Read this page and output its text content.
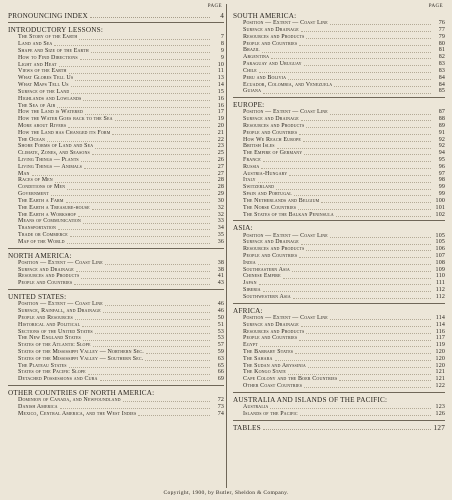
PAGE
PRONOUNCING INDEX	4
INTRODUCTORY LESSONS:
The Story of the Earth	7
Land and Sea	8
Shape and Size of the Earth	9
How to Find Directions	9
Light and Heat	10
Views of the Earth	11
What Globes Tell Us	13
What Maps Tell Us	14
Surface of the Land	15
Highlands and Lowlands	16
The Sea of Air	16
How the Land is Watered	17
How the Water Goes back to the Sea	19
More about Rivers	20
How the Land has Changed its Form	21
The Ocean	22
Shore Forms of Land and Sea	23
Climate, Zones, and Seasons	25
Living Things — Plants	26
Living Things — Animals	27
Man	27
Races of Men	28
Conditions of Men	28
Government	29
The Earth a Farm	30
The Earth a Treasure-house	32
The Earth a Workshop	32
Means of Communication	33
Transportation	34
Trade or Commerce	35
Map of the World	36
NORTH AMERICA:
Position — Extent — Coast Line	38
Surface and Drainage	38
Resources and Products	41
People and Countries	43
UNITED STATES:
Position — Extent — Coast Line	46
Surface, Rainfall, and Drainage	46
People and Resources	50
Historical and Political	51
Sections of the United States	53
The New England States	53
States of the Atlantic Slope	57
States of the Mississippi Valley — Northern Sec.	59
States of the Mississippi Valley — Southern Sec.	63
The Plateau States	65
States of the Pacific Slope	66
Detached Possessions and Cuba	69
OTHER COUNTRIES OF NORTH AMERICA:
Dominion of Canada, and Newfoundland	72
Danish America	73
Mexico, Central America, and the West Indies	74
PAGE
SOUTH AMERICA:
Position — Extent — Coast Line	76
Surface and Drainage	77
Resources and Products	79
People and Countries	80
Brazil	81
Argentina	82
Paraguay and Uruguay	83
Chile	83
Peru and Bolivia	84
Ecuador, Colombia, and Venezuela	84
Guiana	85
EUROPE:
Position — Extent — Coast Line	87
Surface and Drainage	88
Resources and Products	89
People and Countries	91
How We Reach Europe	92
British Isles	92
The Empire of Germany	94
France	95
Russia	96
Austria-Hungary	97
Italy	98
Switzerland	99
Spain and Portugal	99
The Netherlands and Belgium	100
The Norse Countries	101
The States of the Balkan Peninsula	102
ASIA:
Position — Extent — Coast Line	105
Surface and Drainage	105
Resources and Products	106
People and Countries	107
India	108
Southeastern Asia	109
Chinese Empire	110
Japan	111
Siberia	112
Southwestern Asia	112
AFRICA:
Position — Extent — Coast Line	114
Surface and Drainage	114
Resources and Products	116
People and Countries	117
Egypt	119
The Barbary States	120
The Sahara	120
The Sudan and Abyssinia	120
The Kongo State	121
Cape Colony and the Boer Countries	121
Other Coast Countries	122
AUSTRALIA AND ISLANDS OF THE PACIFIC:
Australia	123
Islands of the Pacific	126
TABLES	127
Copyright, 1900, by Butler, Sheldon & Company.
